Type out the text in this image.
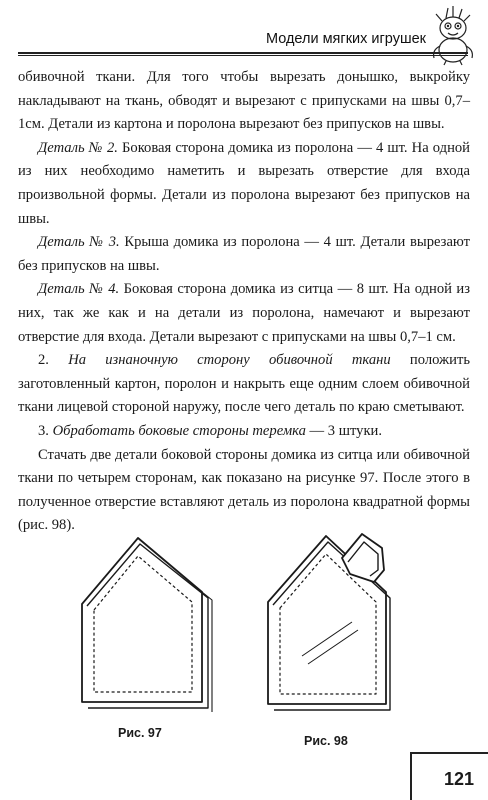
Модели мягких игрушек

обивочной ткани. Для того чтобы вырезать донышко, выкройку накладывают на ткань, обводят и вырезают с припусками на швы 0,7–1см. Детали из картона и поролона вырезают без припусков на швы.

Деталь № 2. Боковая сторона домика из поролона — 4 шт. На одной из них необходимо наметить и вырезать отверстие для входа произвольной формы. Детали из поролона вырезают без припусков на швы.

Деталь № 3. Крыша домика из поролона — 4 шт. Детали вырезают без припусков на швы.

Деталь № 4. Боковая сторона домика из ситца — 8 шт. На одной из них, так же как и на детали из поролона, намечают и вырезают отверстие для входа. Детали вырезают с припусками на швы 0,7–1 см.

2. На изнаночную сторону обивочной ткани положить заготовленный картон, поролон и накрыть еще одним слоем обивочной ткани лицевой стороной наружу, после чего деталь по краю сметывают.

3. Обработать боковые стороны теремка — 3 штуки.

Стачать две детали боковой стороны домика из ситца или обивочной ткани по четырем сторонам, как показано на рисунке 97. После этого в полученное отверстие вставляют деталь из поролона квадратной формы (рис. 98).

Рис. 97
Рис. 98
121
